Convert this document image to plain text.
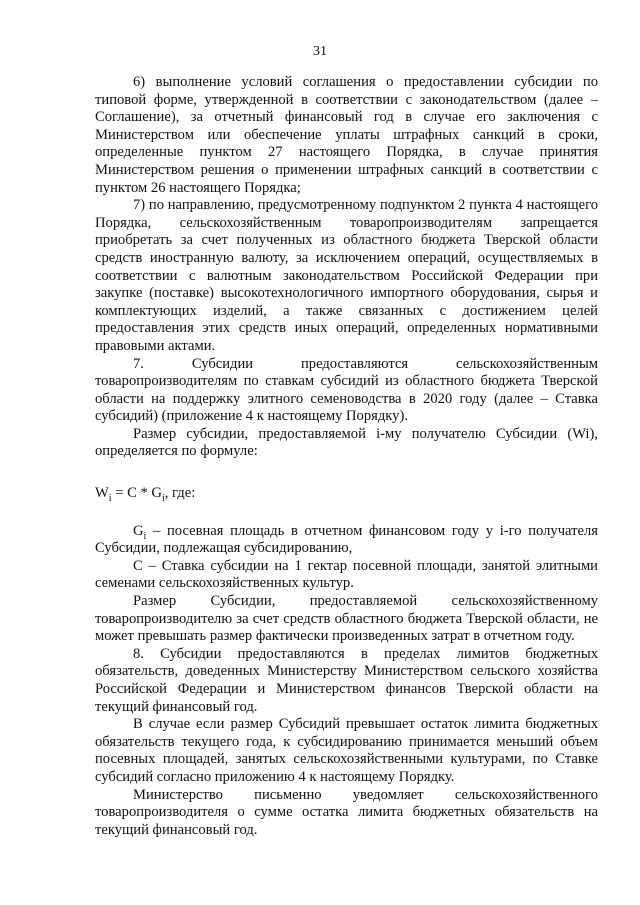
31

6) выполнение условий соглашения о предоставлении субсидии по типовой форме, утвержденной в соответствии с законодательством (далее – Соглашение), за отчетный финансовый год в случае его заключения с Министерством или обеспечение уплаты штрафных санкций в сроки, определенные пунктом 27 настоящего Порядка, в случае принятия Министерством решения о применении штрафных санкций в соответствии с пунктом 26 настоящего Порядка;

7) по направлению, предусмотренному подпунктом 2 пункта 4 настоящего Порядка, сельскохозяйственным товаропроизводителям запрещается приобретать за счет полученных из областного бюджета Тверской области средств иностранную валюту, за исключением операций, осуществляемых в соответствии с валютным законодательством Российской Федерации при закупке (поставке) высокотехнологичного импортного оборудования, сырья и комплектующих изделий, а также связанных с достижением целей предоставления этих средств иных операций, определенных нормативными правовыми актами.

7. Субсидии предоставляются сельскохозяйственным товаропроизводителям по ставкам субсидий из областного бюджета Тверской области на поддержку элитного семеноводства в 2020 году (далее – Ставка субсидий) (приложение 4 к настоящему Порядку).

Размер субсидии, предоставляемой i-му получателю Субсидии (Wi), определяется по формуле:

$W_i = C * G_i$, где:

$G_i$ – посевная площадь в отчетном финансовом году у i-го получателя Субсидии, подлежащая субсидированию,

С – Ставка субсидии на 1 гектар посевной площади, занятой элитными семенами сельскохозяйственных культур.

Размер Субсидии, предоставляемой сельскохозяйственному товаропроизводителю за счет средств областного бюджета Тверской области, не может превышать размер фактически произведенных затрат в отчетном году.

8. Субсидии предоставляются в пределах лимитов бюджетных обязательств, доведенных Министерству Министерством сельского хозяйства Российской Федерации и Министерством финансов Тверской области на текущий финансовый год.

В случае если размер Субсидий превышает остаток лимита бюджетных обязательств текущего года, к субсидированию принимается меньший объем посевных площадей, занятых сельскохозяйственными культурами, по Ставке субсидий согласно приложению 4 к настоящему Порядку.

Министерство письменно уведомляет сельскохозяйственного товаропроизводителя о сумме остатка лимита бюджетных обязательств на текущий финансовый год.
